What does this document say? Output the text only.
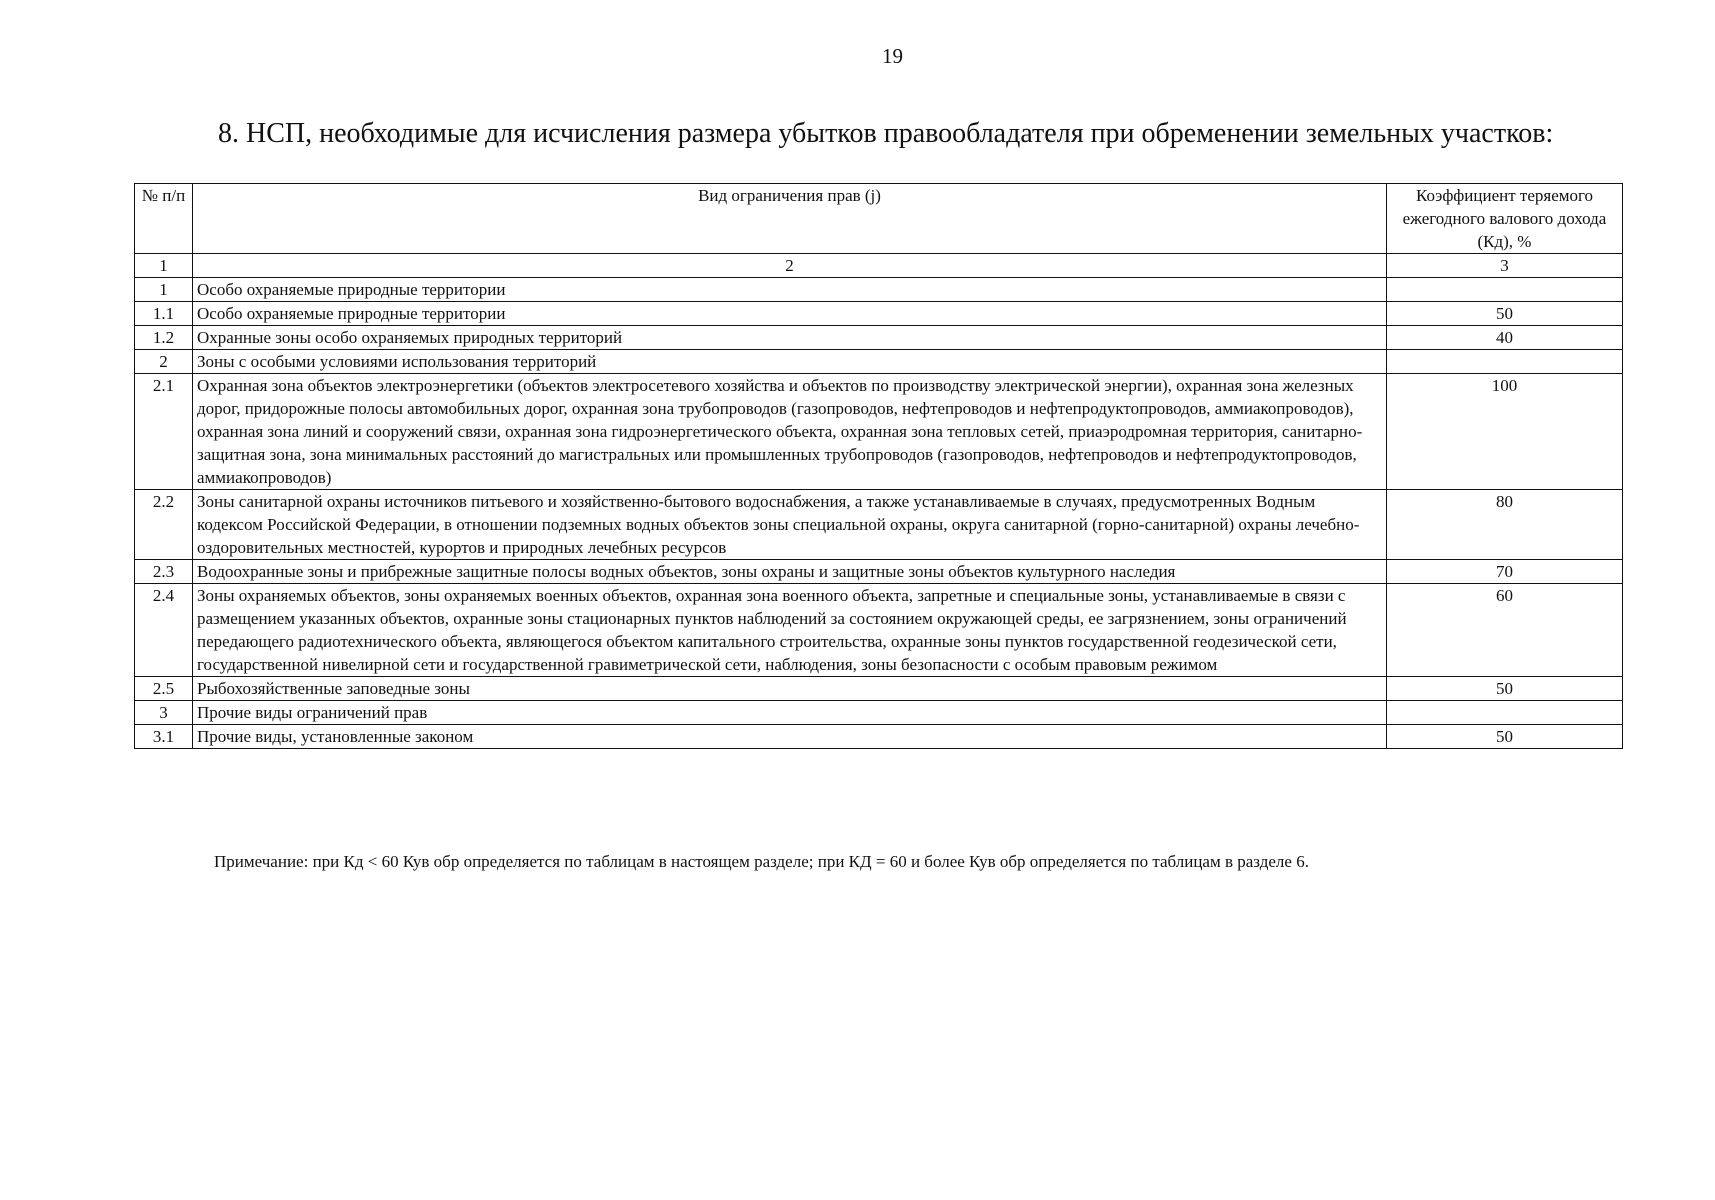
19
8. НСП, необходимые для исчисления размера убытков правообладателя при обременении земельных участков:
№ п/п	Вид ограничения прав (j)	Коэффициент теряемого ежегодного валового дохода (Кд), %
1	2	3
1	Особо охраняемые природные территории	
1.1	Особо охраняемые природные территории	50
1.2	Охранные зоны особо охраняемых природных территорий	40
2	Зоны с особыми условиями использования территорий	
2.1	Охранная зона объектов электроэнергетики (объектов электросетевого хозяйства и объектов по производству электрической энергии), охранная зона железных дорог, придорожные полосы автомобильных дорог, охранная зона трубопроводов (газопроводов, нефтепроводов и нефтепродуктопроводов, аммиакопроводов), охранная зона линий и сооружений связи, охранная зона гидроэнергетического объекта, охранная зона тепловых сетей, приаэродромная территория, санитарно-защитная зона, зона минимальных расстояний до магистральных или промышленных трубопроводов (газопроводов, нефтепроводов и нефтепродуктопроводов, аммиакопроводов)	100
2.2	Зоны санитарной охраны источников питьевого и хозяйственно-бытового водоснабжения, а также устанавливаемые в случаях, предусмотренных Водным кодексом Российской Федерации, в отношении подземных водных объектов зоны специальной охраны, округа санитарной (горно-санитарной) охраны лечебно-оздоровительных местностей, курортов и природных лечебных ресурсов	80
2.3	Водоохранные зоны и прибрежные защитные полосы водных объектов, зоны охраны и защитные зоны объектов культурного наследия	70
2.4	Зоны охраняемых объектов, зоны охраняемых военных объектов, охранная зона военного объекта, запретные и специальные зоны, устанавливаемые в связи с размещением указанных объектов, охранные зоны стационарных пунктов наблюдений за состоянием окружающей среды, ее загрязнением, зоны ограничений передающего радиотехнического объекта, являющегося объектом капитального строительства, охранные зоны пунктов государственной геодезической сети, государственной нивелирной сети и государственной гравиметрической сети, наблюдения, зоны безопасности с особым правовым режимом	60
2.5	Рыбохозяйственные заповедные зоны	50
3	Прочие виды ограничений прав	
3.1	Прочие виды, установленные законом	50
Примечание: при Кд < 60 Кув обр определяется по таблицам в настоящем разделе; при КД = 60 и более Кув обр определяется по таблицам в разделе 6.
